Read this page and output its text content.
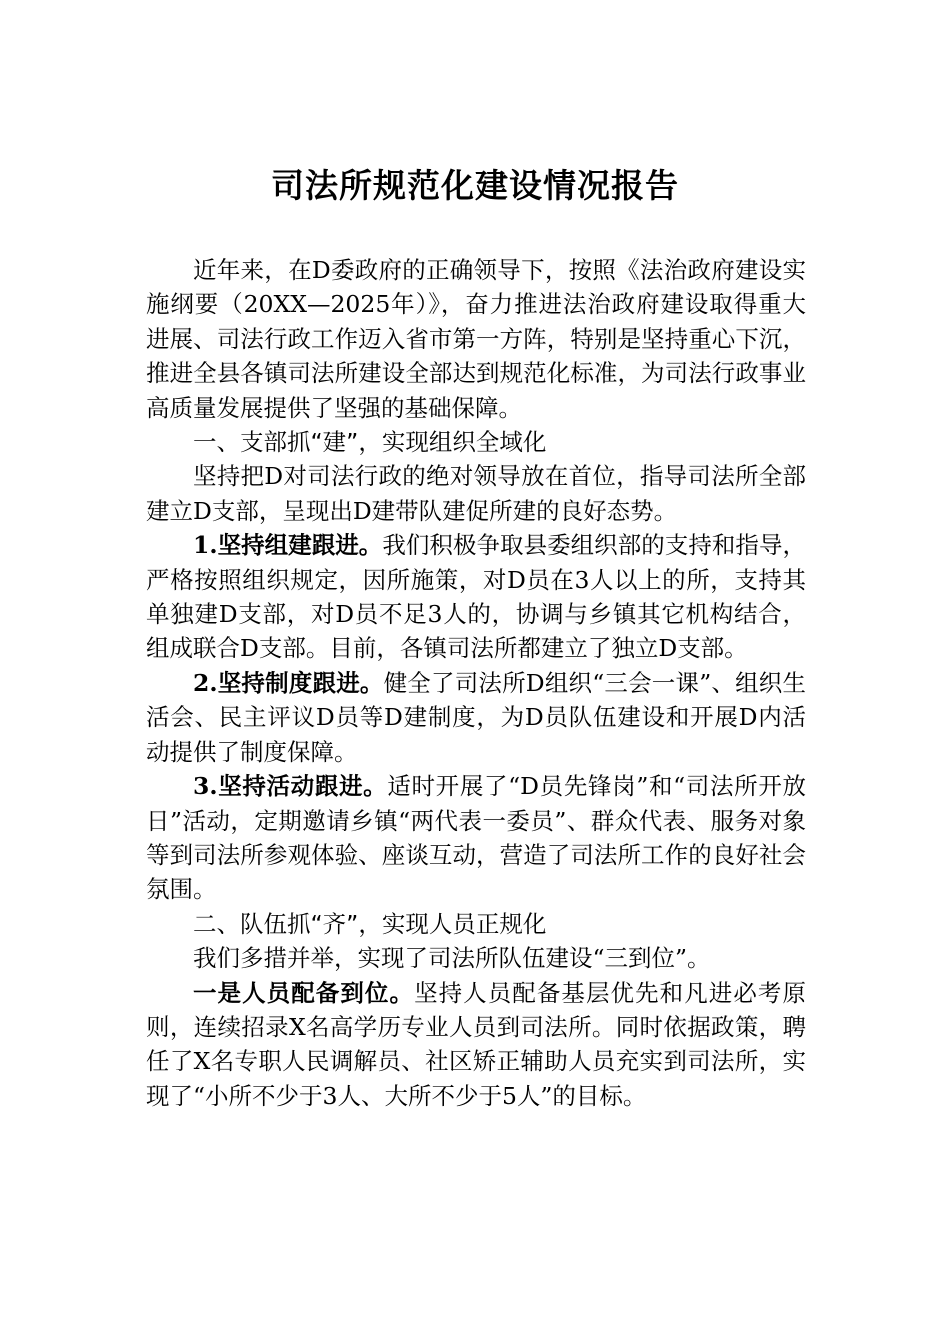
司法所规范化建设情况报告

近年来，在D委政府的正确领导下，按照《法治政府建设实施纲要（20XX—2025年）》，奋力推进法治政府建设取得重大进展、司法行政工作迈入省市第一方阵，特别是坚持重心下沉，推进全县各镇司法所建设全部达到规范化标准，为司法行政事业高质量发展提供了坚强的基础保障。

一、支部抓“建”，实现组织全域化

坚持把D对司法行政的绝对领导放在首位，指导司法所全部建立D支部，呈现出D建带队建促所建的良好态势。

1.坚持组建跟进。我们积极争取县委组织部的支持和指导，严格按照组织规定，因所施策，对D员在3人以上的所，支持其单独建D支部，对D员不足3人的，协调与乡镇其它机构结合，组成联合D支部。目前，各镇司法所都建立了独立D支部。

2.坚持制度跟进。健全了司法所D组织“三会一课”、组织生活会、民主评议D员等D建制度，为D员队伍建设和开展D内活动提供了制度保障。

3.坚持活动跟进。适时开展了“D员先锋岗”和“司法所开放日”活动，定期邀请乡镇“两代表一委员”、群众代表、服务对象等到司法所参观体验、座谈互动，营造了司法所工作的良好社会氛围。

二、队伍抓“齐”，实现人员正规化

我们多措并举，实现了司法所队伍建设“三到位”。

一是人员配备到位。坚持人员配备基层优先和凡进必考原则，连续招录X名高学历专业人员到司法所。同时依据政策，聘任了X名专职人民调解员、社区矫正辅助人员充实到司法所，实现了“小所不少于3人、大所不少于5人”的目标。
